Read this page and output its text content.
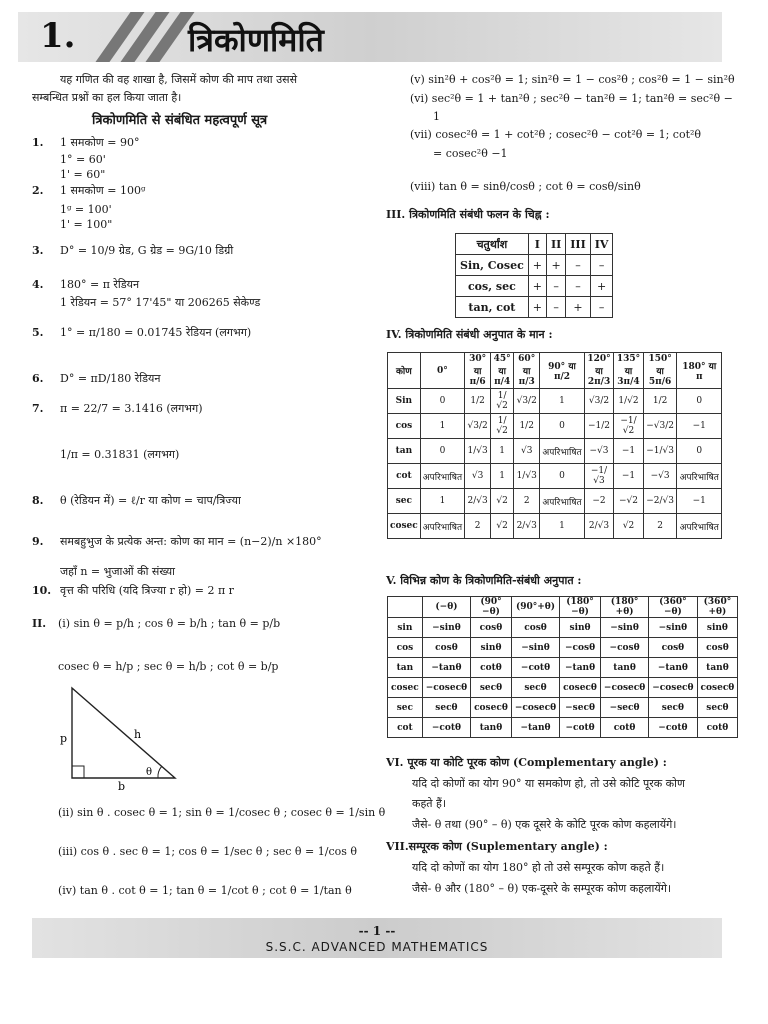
1.	त्रिकोणमिति
यह गणित की वह शाखा है, जिसमें कोण की माप तथा उससे
सम्बन्धित प्रश्नों का हल किया जाता है।
त्रिकोणमिति से संबंधित महत्वपूर्ण सूत्र
1. 1 समकोण = 90°
1° = 60'
1' = 60"
2. 1 समकोण = 100ᵍ
1ᵍ = 100'
1' = 100"
3. D° = 10/9 ग्रेड, G ग्रेड = 9G/10 डिग्री
4. 180° = π रेडियन
1 रेडियन = 57° 17'45" या 206265 सेकेण्ड
5. 1° = π/180 = 0.01745 रेडियन (लगभग)
6. D° = πD/180 रेडियन
7. π = 22/7 = 3.1416 (लगभग)
1/π = 0.31831 (लगभग)
8. θ (रेडियन में) = ℓ/r या कोण = चाप/त्रिज्या
9. समबहुभुज के प्रत्येक अन्त: कोण का मान = (n−2)/n ×180°
जहाँ n = भुजाओं की संख्या
10. वृत्त की परिधि (यदि त्रिज्या r हो) = 2 π r
II. (i) sin θ = p/h ; cos θ = b/h ; tan θ = p/b
cosec θ = h/p ; sec θ = h/b ; cot θ = b/p
p	h
b
θ
(ii) sin θ . cosec θ = 1; sin θ = 1/cosec θ ; cosec θ = 1/sin θ
(iii) cos θ . sec θ = 1; cos θ = 1/sec θ ; sec θ = 1/cos θ
(iv) tan θ . cot θ = 1; tan θ = 1/cot θ ; cot θ = 1/tan θ
(v) sin²θ + cos²θ = 1; sin²θ = 1 − cos²θ ; cos²θ = 1 − sin²θ
(vi) sec²θ = 1 + tan²θ ; sec²θ − tan²θ = 1; tan²θ = sec²θ −
1
(vii) cosec²θ = 1 + cot²θ ; cosec²θ − cot²θ = 1; cot²θ
= cosec²θ −1
(viii) tan θ = sinθ/cosθ ; cot θ = cosθ/sinθ
III. त्रिकोणमिति संबंधी फलन के चिह्न :
चतुर्थांश	I	II	III	IV
Sin, Cosec	+	+	–	–
cos, sec	+	–	–	+
tan, cot	+	–	+	–
IV. त्रिकोणमिति संबंधी अनुपात के मान :
कोण	0°	30° या π/6	45° या π/4	60° या π/3	90° या π/2	120° या 2π/3	135° या 3π/4	150° या 5π/6	180° या π
Sin	0	1/2	1/√2	√3/2	1	√3/2	1/√2	1/2	0
cos	1	√3/2	1/√2	1/2	0	−1/2	−1/√2	−√3/2	−1
tan	0	1/√3	1	√3	अपरिभाषित	−√3	−1	−1/√3	0
cot	अपरिभाषित	√3	1	1/√3	0	−1/√3	−1	−√3	अपरिभाषित
sec	1	2/√3	√2	2	अपरिभाषित	−2	−√2	−2/√3	−1
cosec	अपरिभाषित	2	√2	2/√3	1	2/√3	√2	2	अपरिभाषित
V. विभिन्न कोण के त्रिकोणमिति-संबंधी अनुपात :
	(−θ)	(90°−θ)	(90°+θ)	(180°−θ)	(180°+θ)	(360°−θ)	(360°+θ)
sin	−sinθ	cosθ	cosθ	sinθ	−sinθ	−sinθ	sinθ
cos	cosθ	sinθ	−sinθ	−cosθ	−cosθ	cosθ	cosθ
tan	−tanθ	cotθ	−cotθ	−tanθ	tanθ	−tanθ	tanθ
cosec	−cosecθ	secθ	secθ	cosecθ	−cosecθ	−cosecθ	cosecθ
sec	secθ	cosecθ	−cosecθ	−secθ	−secθ	secθ	secθ
cot	−cotθ	tanθ	−tanθ	−cotθ	cotθ	−cotθ	cotθ
VI. पूरक या कोटि पूरक कोण (Complementary angle) :
यदि दो कोणों का योग 90° या समकोण हो, तो उसे कोटि पूरक कोण
कहते हैं।
जैसे- θ तथा (90° – θ) एक दूसरे के कोटि पूरक कोण कहलायेंगे।
VII.सम्पूरक कोण (Suplementary angle) :
यदि दो कोणों का योग 180° हो तो उसे सम्पूरक कोण कहते हैं।
जैसे- θ और (180° – θ) एक-दूसरे के सम्पूरक कोण कहलायेंगे।
-- 1 --
S.S.C. ADVANCED MATHEMATICS
